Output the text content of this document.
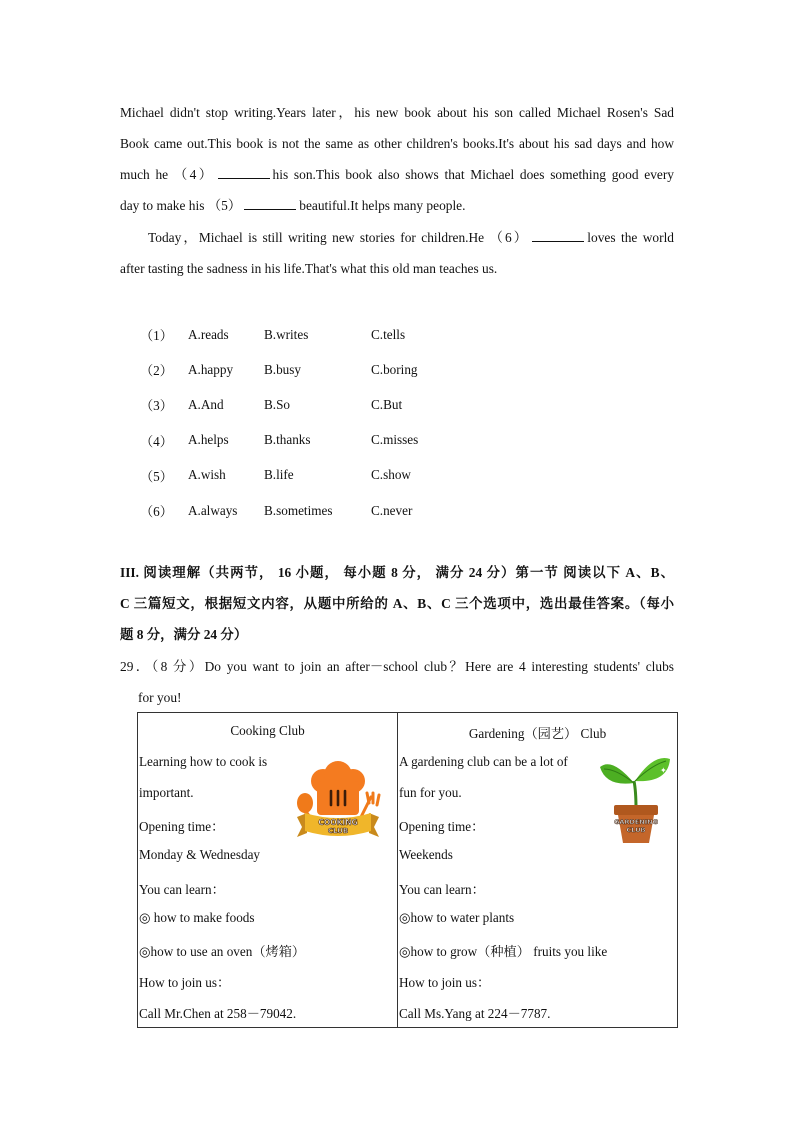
Michael didn't stop writing.Years later，his new book about his son called Michael Rosen's Sad

Book came out.This book is not the same as other children's books.It's about his sad days and how

much he （4）	his son.This book also shows that Michael does something good every

day to make his （5）	beautiful.It helps many people.

Today，Michael is still writing new stories for children.He （6）	loves the world

after tasting the sadness in his life.That's what this old man teaches us.

（1）	A.reads	B.writes	C.tells
（2）	A.happy	B.busy	C.boring
（3）	A.And	B.So	C.But
（4）	A.helps	B.thanks	C.misses
（5）	A.wish	B.life	C.show
（6）	A.always	B.sometimes	C.never

III. 阅读理解（共两节， 16 小题， 每小题 8 分， 满分 24 分）第一节 阅读以下 A、B、

C 三篇短文，根据短文内容，从题中所给的 A、B、C 三个选项中，选出最佳答案。（每小

题 8 分，满分 24 分）

29．（8 分）Do you want to join an after－school club？Here are 4 interesting students' clubs

for you!

Cooking Club
Learning how to cook is
important.
Opening time：
Monday & Wednesday
You can learn：
◎ how to make foods
◎how to use an oven（烤箱）
How to join us：
Call Mr.Chen at 258－79042.
COOKING
CLUB
Gardening（园艺） Club
A gardening club can be a lot of
fun for you.
Opening time：
Weekends
You can learn：
◎how to water plants
◎how to grow（种植） fruits you like
How to join us：
Call Ms.Yang at 224－7787.
✦
GARDENING
CLUB
